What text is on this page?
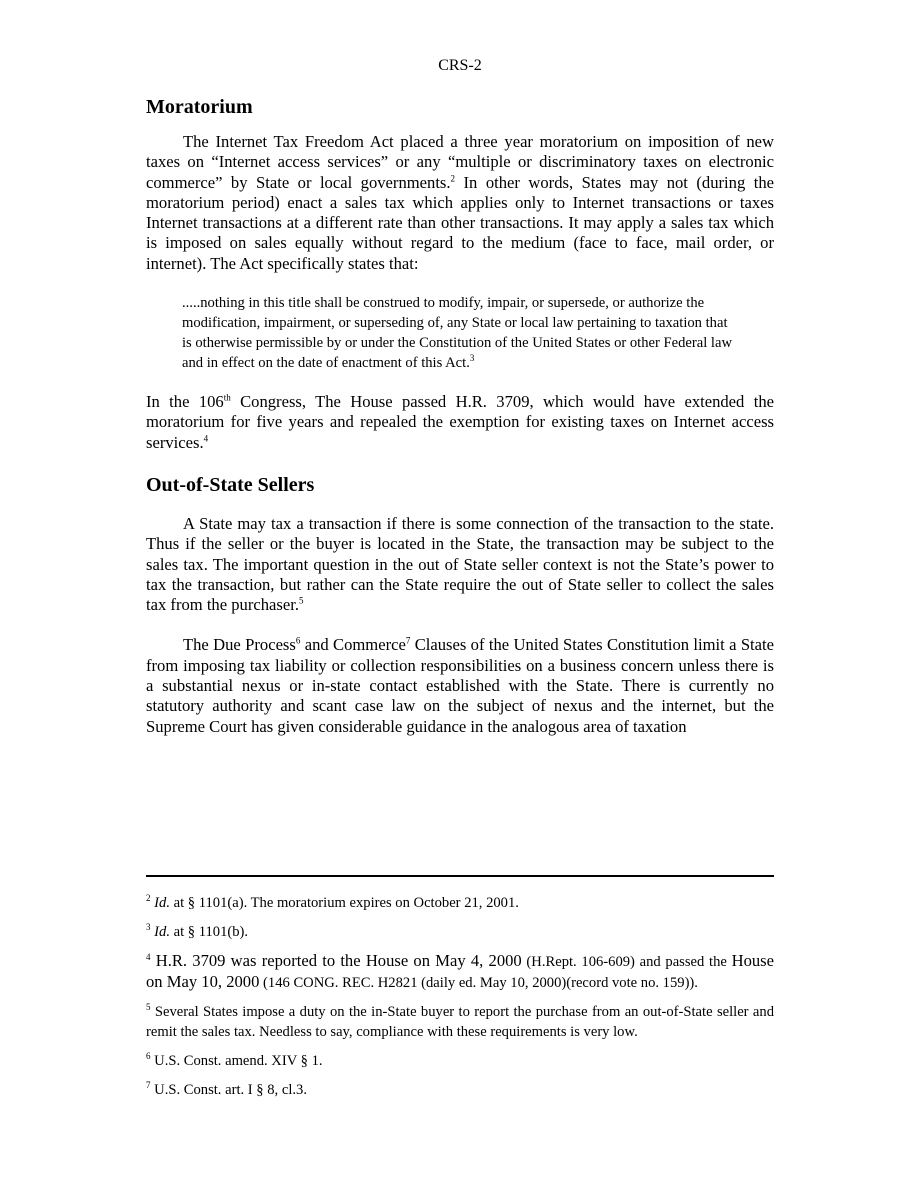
CRS-2
Moratorium

The Internet Tax Freedom Act placed a three year moratorium on imposition of new taxes on “Internet access services” or any “multiple or discriminatory taxes on electronic commerce” by State or local governments.$^2$ In other words, States may not (during the moratorium period) enact a sales tax which applies only to Internet transactions or taxes Internet transactions at a different rate than other transactions. It may apply a sales tax which is imposed on sales equally without regard to the medium (face to face, mail order, or internet). The Act specifically states that:

.....nothing in this title shall be construed to modify, impair, or supersede, or authorize the modification, impairment, or superseding of, any State or local law pertaining to taxation that is otherwise permissible by or under the Constitution of the United States or other Federal law and in effect on the date of enactment of this Act.$^3$

In the 106th Congress, The House passed H.R. 3709, which would have extended the moratorium for five years and repealed the exemption for existing taxes on Internet access services.$^4$

Out-of-State Sellers

A State may tax a transaction if there is some connection of the transaction to the state. Thus if the seller or the buyer is located in the State, the transaction may be subject to the sales tax. The important question in the out of State seller context is not the State’s power to tax the transaction, but rather can the State require the out of State seller to collect the sales tax from the purchaser.$^5$

The Due Process$^6$ and Commerce$^7$ Clauses of the United States Constitution limit a State from imposing tax liability or collection responsibilities on a business concern unless there is a substantial nexus or in-state contact established with the State. There is currently no statutory authority and scant case law on the subject of nexus and the internet, but the Supreme Court has given considerable guidance in the analogous area of taxation

$^2$ Id. at § 1101(a). The moratorium expires on October 21, 2001.
$^3$ Id. at § 1101(b).
$^4$ H.R. 3709 was reported to the House on May 4, 2000 (H.Rept. 106-609) and passed the House on May 10, 2000 (146 CONG. REC. H2821 (daily ed. May 10, 2000)(record vote no. 159)).
$^5$ Several States impose a duty on the in-State buyer to report the purchase from an out-of-State seller and remit the sales tax. Needless to say, compliance with these requirements is very low.
$^6$ U.S. Const. amend. XIV § 1.
$^7$ U.S. Const. art. I § 8, cl.3.
